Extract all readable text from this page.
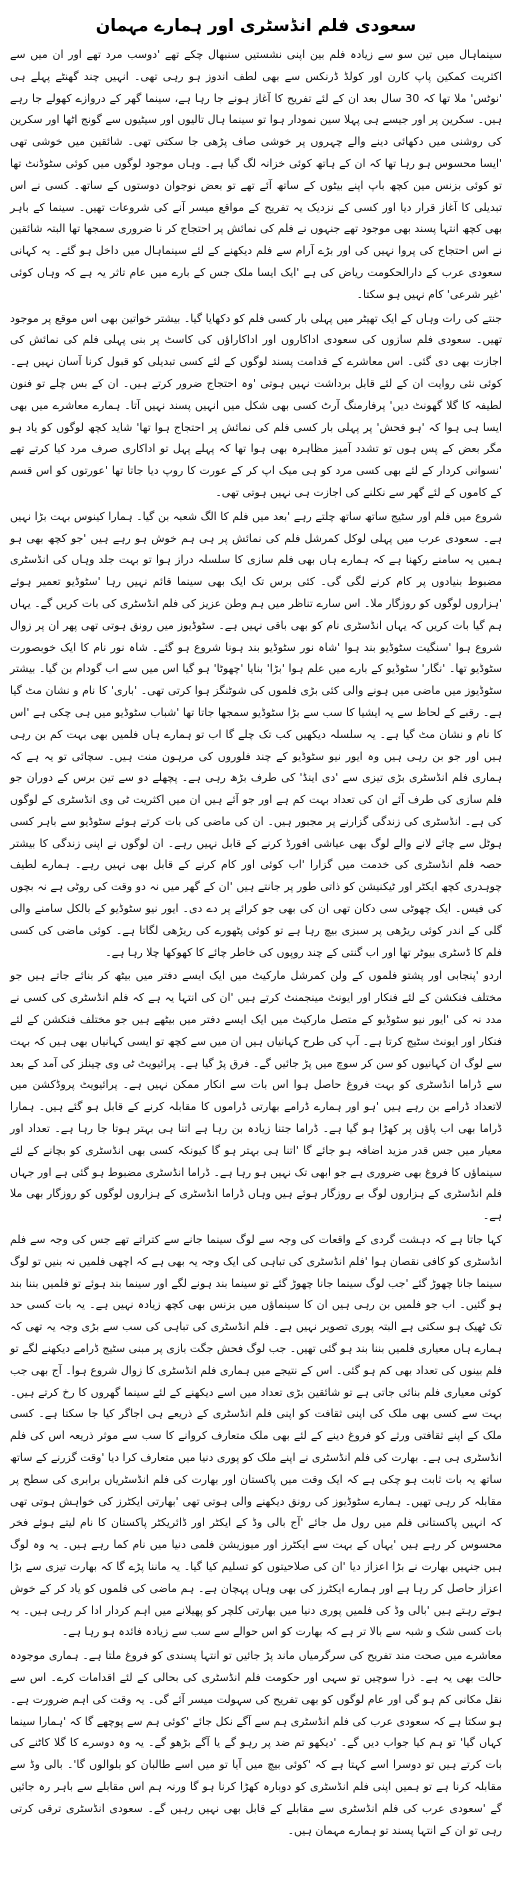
سعودی فلم انڈسٹری اور ہمارے مہمان

سینماہال میں تین سو سے زیادہ فلم بین اپنی نشستیں سنبھال چکے تھے 'دوسب مرد تھے اور ان میں سے اکثریت کمکین پاپ کارن اور کولڈ ڈرنکس سے بھی لطف اندوز ہو رہی تھی۔ انہیں چند گھنٹے پہلے ہی 'نوٹس' ملا تھا کہ 30 سال بعد ان کے لئے تفریح کا آغاز ہونے جا رہا ہے، سینما گھر کے دروازے کھولے جا رہے ہیں۔ سکرین پر اور جیسے ہی پہلا سین نمودار ہوا تو سینما ہال تالیوں اور سیٹیوں سے گونج اٹھا اور سکرین کی روشنی میں دکھائی دینے والے چہروں پر خوشی صاف پڑھی جا سکتی تھی۔ شائقین میں خوشی تھی 'ایسا محسوس ہو رہا تھا کہ ان کے ہاتھ کوئی خزانہ لگ گیا ہے۔ وہاں موجود لوگوں میں کوئی سٹوڈنٹ تھا تو کوئی بزنس مین کچھ باپ اپنے بیٹوں کے ساتھ آئے تھے تو بعض نوجوان دوستوں کے ساتھ۔ کسی نے اس تبدیلی کا آغاز قرار دیا اور کسی کے نزدیک یہ تفریح کے مواقع میسر آنے کی شروعات تھیں۔ سینما کے باہر بھی کچھ انتہا پسند بھی موجود تھے جنہوں نے فلم کی نمائش پر احتجاج کر نا ضروری سمجھا تھا البتہ شائقین نے اس احتجاج کی پروا نہیں کی اور بڑے آرام سے فلم دیکھنے کے لئے سینماہال میں داخل ہو گئے۔ یہ کہانی سعودی عرب کے دارالحکومت ریاض کی ہے 'ایک ایسا ملک جس کے بارے میں عام تاثر یہ ہے کہ وہاں کوئی 'غیر شرعی' کام نہیں ہو سکتا۔

جنتے کی رات وہاں کے ایک تھیٹر میں پہلی بار کسی فلم کو دکھایا گیا۔ بیشتر خواتین بھی اس موقع پر موجود تھیں۔ سعودی فلم سازوں کی سعودی اداکاروں اور اداکاراؤں کی کاسٹ پر بنی پہلی فلم کی نمائش کی اجازت بھی دی گئی۔ اس معاشرے کے قدامت پسند لوگوں کے لئے کسی تبدیلی کو قبول کرنا آسان نہیں ہے۔ کوئی نئی روایت ان کے لئے قابل برداشت نہیں ہوتی 'وہ احتجاج ضرور کرتے ہیں۔ ان کے بس چلے تو فنون لطیفہ کا گلا گھونٹ دیں' پرفارمنگ آرٹ کسی بھی شکل میں انہیں پسند نہیں آتا۔ ہمارے معاشرے میں بھی ایسا ہی ہوا کہ 'ہو فحش' پر پہلی بار کسی فلم کی نمائش پر احتجاج ہوا تھا' شاید کچھ لوگوں کو یاد ہو مگر بعض کے پس ہوں تو تشدد آمیز مظاہرہ بھی ہوا تھا کہ پہلے پہل تو اداکاری صرف مرد کیا کرتے تھے 'نسوانی کردار کے لئے بھی کسی مرد کو ہی میک اپ کر کے عورت کا روپ دیا جاتا تھا 'عورتوں کو اس قسم کے کاموں کے لئے گھر سے نکلنے کی اجازت ہی نہیں ہوتی تھی۔

شروع میں فلم اور سٹیج ساتھ ساتھ چلتے رہے 'بعد میں فلم کا الگ شعبہ بن گیا۔ ہمارا کینوس بہت بڑا نہیں ہے۔ سعودی عرب میں پہلی لوکل کمرشل فلم کی نمائش پر ہی ہم خوش ہو رہے ہیں 'جو کچھ بھی ہو ہمیں یہ سامنے رکھنا ہے کہ ہمارے ہاں بھی فلم سازی کا سلسلہ دراز ہوا تو بہت جلد وہاں کی انڈسٹری مضبوط بنیادوں پر کام کرنے لگی گی۔ کئی برس تک ایک بھی سینما قائم نہیں رہا 'سٹوڈیو تعمیر ہوئے 'ہزاروں لوگوں کو روزگار ملا۔ اس سارے تناظر میں ہم وطن عزیز کی فلم انڈسٹری کی بات کریں گے۔ یہاں ہم گیا بات کریں کہ یہاں انڈسٹری نام کو بھی باقی نہیں ہے۔ سٹوڈیوز میں رونق ہوتی تھی پھر ان پر زوال شروع ہوا 'سنگیت سٹوڈیو بند ہوا 'شاہ نور سٹوڈیو بند ہونا شروع ہو گئے۔ شاہ نور نام کا ایک خوبصورت سٹوڈیو تھا۔ 'نگار' سٹوڈیو کے بارے میں علم ہوا 'بڑا' بنایا 'چھوٹا' ہو گیا اس میں سے اب گودام بن گیا۔ بیشتر سٹوڈیوز میں ماضی میں ہونے والی کئی بڑی فلموں کی شوٹنگز ہوا کرتی تھی۔ 'باری' کا نام و نشان مٹ گیا ہے۔ رقبے کے لحاظ سے یہ ایشیا کا سب سے بڑا سٹوڈیو سمجھا جاتا تھا 'شباب سٹوڈیو میں ہی چکی ہے 'اس کا نام و نشان مٹ گیا ہے۔ یہ سلسلہ دیکھیں کب تک چلے گا اب تو ہمارے ہاں فلمیں بھی بہت کم بن رہی ہیں اور جو بن رہی ہیں وہ ایور نیو سٹوڈیو کے چند فلوروں کی مرہون منت ہیں۔ سچائی تو یہ ہے کہ ہماری فلم انڈسٹری بڑی تیزی سے 'دی اینڈ' کی طرف بڑھ رہی ہے۔ پچھلے دو سے تین برس کے دوران جو فلم سازی کی طرف آئے ان کی تعداد بہت کم ہے اور جو آئے ہیں ان میں اکثریت ٹی وی انڈسٹری کے لوگوں کی ہے۔ انڈسٹری کی زندگی گزارنے پر مجبور ہیں۔ ان کی ماضی کی بات کرتے ہوئے سٹوڈیو سے باہر کسی ہوٹل سے چائے لانے والے لوگ بھی عیاشی افورڈ کرنے کے قابل نہیں رہے۔ ان لوگوں نے اپنی زندگی کا بیشتر حصہ فلم انڈسٹری کی خدمت میں گزارا 'اب کوئی اور کام کرنے کے قابل بھی نہیں رہے۔ ہمارے لطیف چوہدری کچھ ایکٹر اور ٹیکنیشن کو ذاتی طور پر جانتے ہیں 'ان کے گھر میں نہ دو وقت کی روٹی ہے نہ بچوں کی فیس۔ ایک چھوٹی سی دکان تھی ان کی بھی جو کرائے پر دے دی۔ ایور نیو سٹوڈیو کے بالکل سامنے والی گلی کے اندر کوئی ریڑھی پر سبزی بیچ رہا ہے تو کوئی پٹھورے کی ریڑھی لگاتا ہے۔ کوئی ماضی کی کسی فلم کا ڈسٹری بیوٹر تھا اور اب گنتی کے چند روپوں کی خاطر چائے کا کھوکھا چلا رہا ہے۔

اردو 'پنجابی اور پشتو فلموں کے ولن کمرشل مارکیٹ میں ایک ایسے دفتر میں بیٹھ کر بنائے جاتے ہیں جو مختلف فنکشن کے لئے فنکار اور ایونٹ مینجمنٹ کرتے ہیں 'ان کی انتہا یہ ہے کہ فلم انڈسٹری کی کسی نے مدد نہ کی 'ایور نیو سٹوڈیو کے متصل مارکیٹ میں ایک ایسے دفتر میں بیٹھے ہیں جو مختلف فنکشن کے لئے فنکار اور ایونٹ سٹیج کرتا ہے۔ آپ کی طرح کہانیاں ہیں ان میں سے کچھ تو ایسی کہانیاں بھی ہیں کہ بہت سے لوگ ان کہانیوں کو سن کر سوچ میں پڑ جائیں گے۔ فرق پڑ گیا ہے۔ پرائیویٹ ٹی وی چینلز کی آمد کے بعد سے ڈراما انڈسٹری کو بہت فروغ حاصل ہوا اس بات سے انکار ممکن نہیں ہے۔ پرائیویٹ پروڈکشن میں لاتعداد ڈرامے بن رہے ہیں 'ہو اور ہمارے ڈرامے بھارتی ڈراموں کا مقابلہ کرنے کے قابل ہو گئے ہیں۔ ہمارا ڈراما بھی اب پاؤں پر کھڑا ہو گیا ہے۔ ڈراما جتنا زیادہ بن رہا ہے اتنا ہی بہتر ہوتا جا رہا ہے۔ تعداد اور معیار میں جس قدر مزید اضافہ ہو جائے گا 'اتنا ہی بہتر ہو گا کیونکہ کسی بھی انڈسٹری کو بچانے کے لئے سینماؤں کا فروغ بھی ضروری ہے جو ابھی تک نہیں ہو رہا ہے۔ ڈراما انڈسٹری مضبوط ہو گئی ہے اور جہاں فلم انڈسٹری کے ہزاروں لوگ بے روزگار ہوئے ہیں وہاں ڈراما انڈسٹری کے ہزاروں لوگوں کو روزگار بھی ملا ہے۔

کہا جاتا ہے کہ دہشت گردی کے واقعات کی وجہ سے لوگ سینما جانے سے کتراتے تھے جس کی وجہ سے فلم انڈسٹری کو کافی نقصان ہوا 'فلم انڈسٹری کی تباہی کی ایک وجہ یہ بھی ہے کہ اچھی فلمیں نہ بنیں تو لوگ سینما جانا چھوڑ گئے 'جب لوگ سینما جانا چھوڑ گئے تو سینما بند ہونے لگے اور سینما بند ہوئے تو فلمیں بننا بند ہو گئیں۔ اب جو فلمیں بن رہی ہیں ان کا سینماؤں میں بزنس بھی کچھ زیادہ نہیں ہے۔ یہ بات کسی حد تک ٹھیک ہو سکتی ہے البتہ پوری تصویر نہیں ہے۔ فلم انڈسٹری کی تباہی کی سب سے بڑی وجہ یہ تھی کہ ہمارے ہاں معیاری فلمیں بننا بند ہو گئی تھیں۔ جب لوگ فحش جگت بازی پر مبنی سٹیج ڈرامے دیکھنے لگے تو فلم بینوں کی تعداد بھی کم ہو گئی۔ اس کے نتیجے میں ہماری فلم انڈسٹری کا زوال شروع ہوا۔ آج بھی جب کوئی معیاری فلم بنائی جاتی ہے تو شائقین بڑی تعداد میں اسے دیکھنے کے لئے سینما گھروں کا رخ کرتے ہیں۔ بہت سے کسی بھی ملک کی اپنی ثقافت کو اپنی فلم انڈسٹری کے ذریعے ہی اجاگر کیا جا سکتا ہے۔ کسی ملک کے اپنے ثقافتی ورثے کو فروغ دینے کے لئے بھی ملک متعارف کروانے کا سب سے موثر ذریعہ اس کی فلم انڈسٹری ہی ہے۔ بھارت کی فلم انڈسٹری نے اپنے ملک کو پوری دنیا میں متعارف کرا دیا 'وقت گزرنے کے ساتھ ساتھ یہ بات ثابت ہو چکی ہے کہ ایک وقت میں پاکستان اور بھارت کی فلم انڈسٹریاں برابری کی سطح پر مقابلہ کر رہی تھیں۔ ہمارے سٹوڈیوز کی رونق دیکھنے والی ہوتی تھی 'بھارتی ایکٹرز کی خواہش ہوتی تھی کہ انہیں پاکستانی فلم میں رول مل جائے 'آج بالی وڈ کے ایکٹر اور ڈائریکٹر پاکستان کا نام لیتے ہوئے فخر محسوس کر رہے ہیں 'یہاں کے بہت سے ایکٹرز اور میوزیشن فلمی دنیا میں نام کما رہے ہیں۔ یہ وہ لوگ ہیں جنہیں بھارت نے بڑا اعزاز دیا 'ان کی صلاحیتوں کو تسلیم کیا گیا۔ یہ ماننا پڑے گا کہ بھارت تیزی سے بڑا اعزاز حاصل کر رہا ہے اور ہمارے ایکٹرز کی بھی وہاں پہچان ہے۔ ہم ماضی کی فلموں کو یاد کر کے خوش ہوتے رہتے ہیں 'بالی وڈ کی فلمیں پوری دنیا میں بھارتی کلچر کو پھیلانے میں اہم کردار ادا کر رہی ہیں۔ یہ بات کسی شک و شبہ سے بالا تر ہے کہ بھارت کو اس حوالے سے سب سے زیادہ فائدہ ہو رہا ہے۔

معاشرے میں صحت مند تفریح کی سرگرمیاں ماند پڑ جائیں تو انتہا پسندی کو فروغ ملتا ہے۔ ہماری موجودہ حالت بھی یہ ہے۔ ذرا سوچیں تو سہی اور حکومت فلم انڈسٹری کی بحالی کے لئے اقدامات کرے۔ اس سے نقل مکانی کم ہو گی اور عام لوگوں کو بھی تفریح کی سہولت میسر آئے گی۔ یہ وقت کی اہم ضرورت ہے۔ ہو سکتا ہے کہ سعودی عرب کی فلم انڈسٹری ہم سے آگے نکل جائے 'کوئی ہم سے پوچھے گا کہ 'ہمارا سینما کہاں گیا' تو ہم کیا جواب دیں گے۔ 'دیکھو تم ضد پر رہو گے یا آگے بڑھو گے۔ یہ وہ دوسرے کا گلا کاٹنے کی بات کرتے ہیں تو دوسرا اسے کہتا ہے کہ 'کوئی بیچ میں آیا تو میں اسے طالبان کو بلوالوں گا'۔ بالی وڈ سے مقابلہ کرنا ہے تو ہمیں اپنی فلم انڈسٹری کو دوبارہ کھڑا کرنا ہو گا ورنہ ہم اس مقابلے سے باہر رہ جائیں گے 'سعودی عرب کی فلم انڈسٹری سے مقابلے کے قابل بھی نہیں رہیں گے۔ سعودی انڈسٹری ترقی کرتی رہی تو ان کے انتہا پسند تو ہمارے مہمان ہیں۔
